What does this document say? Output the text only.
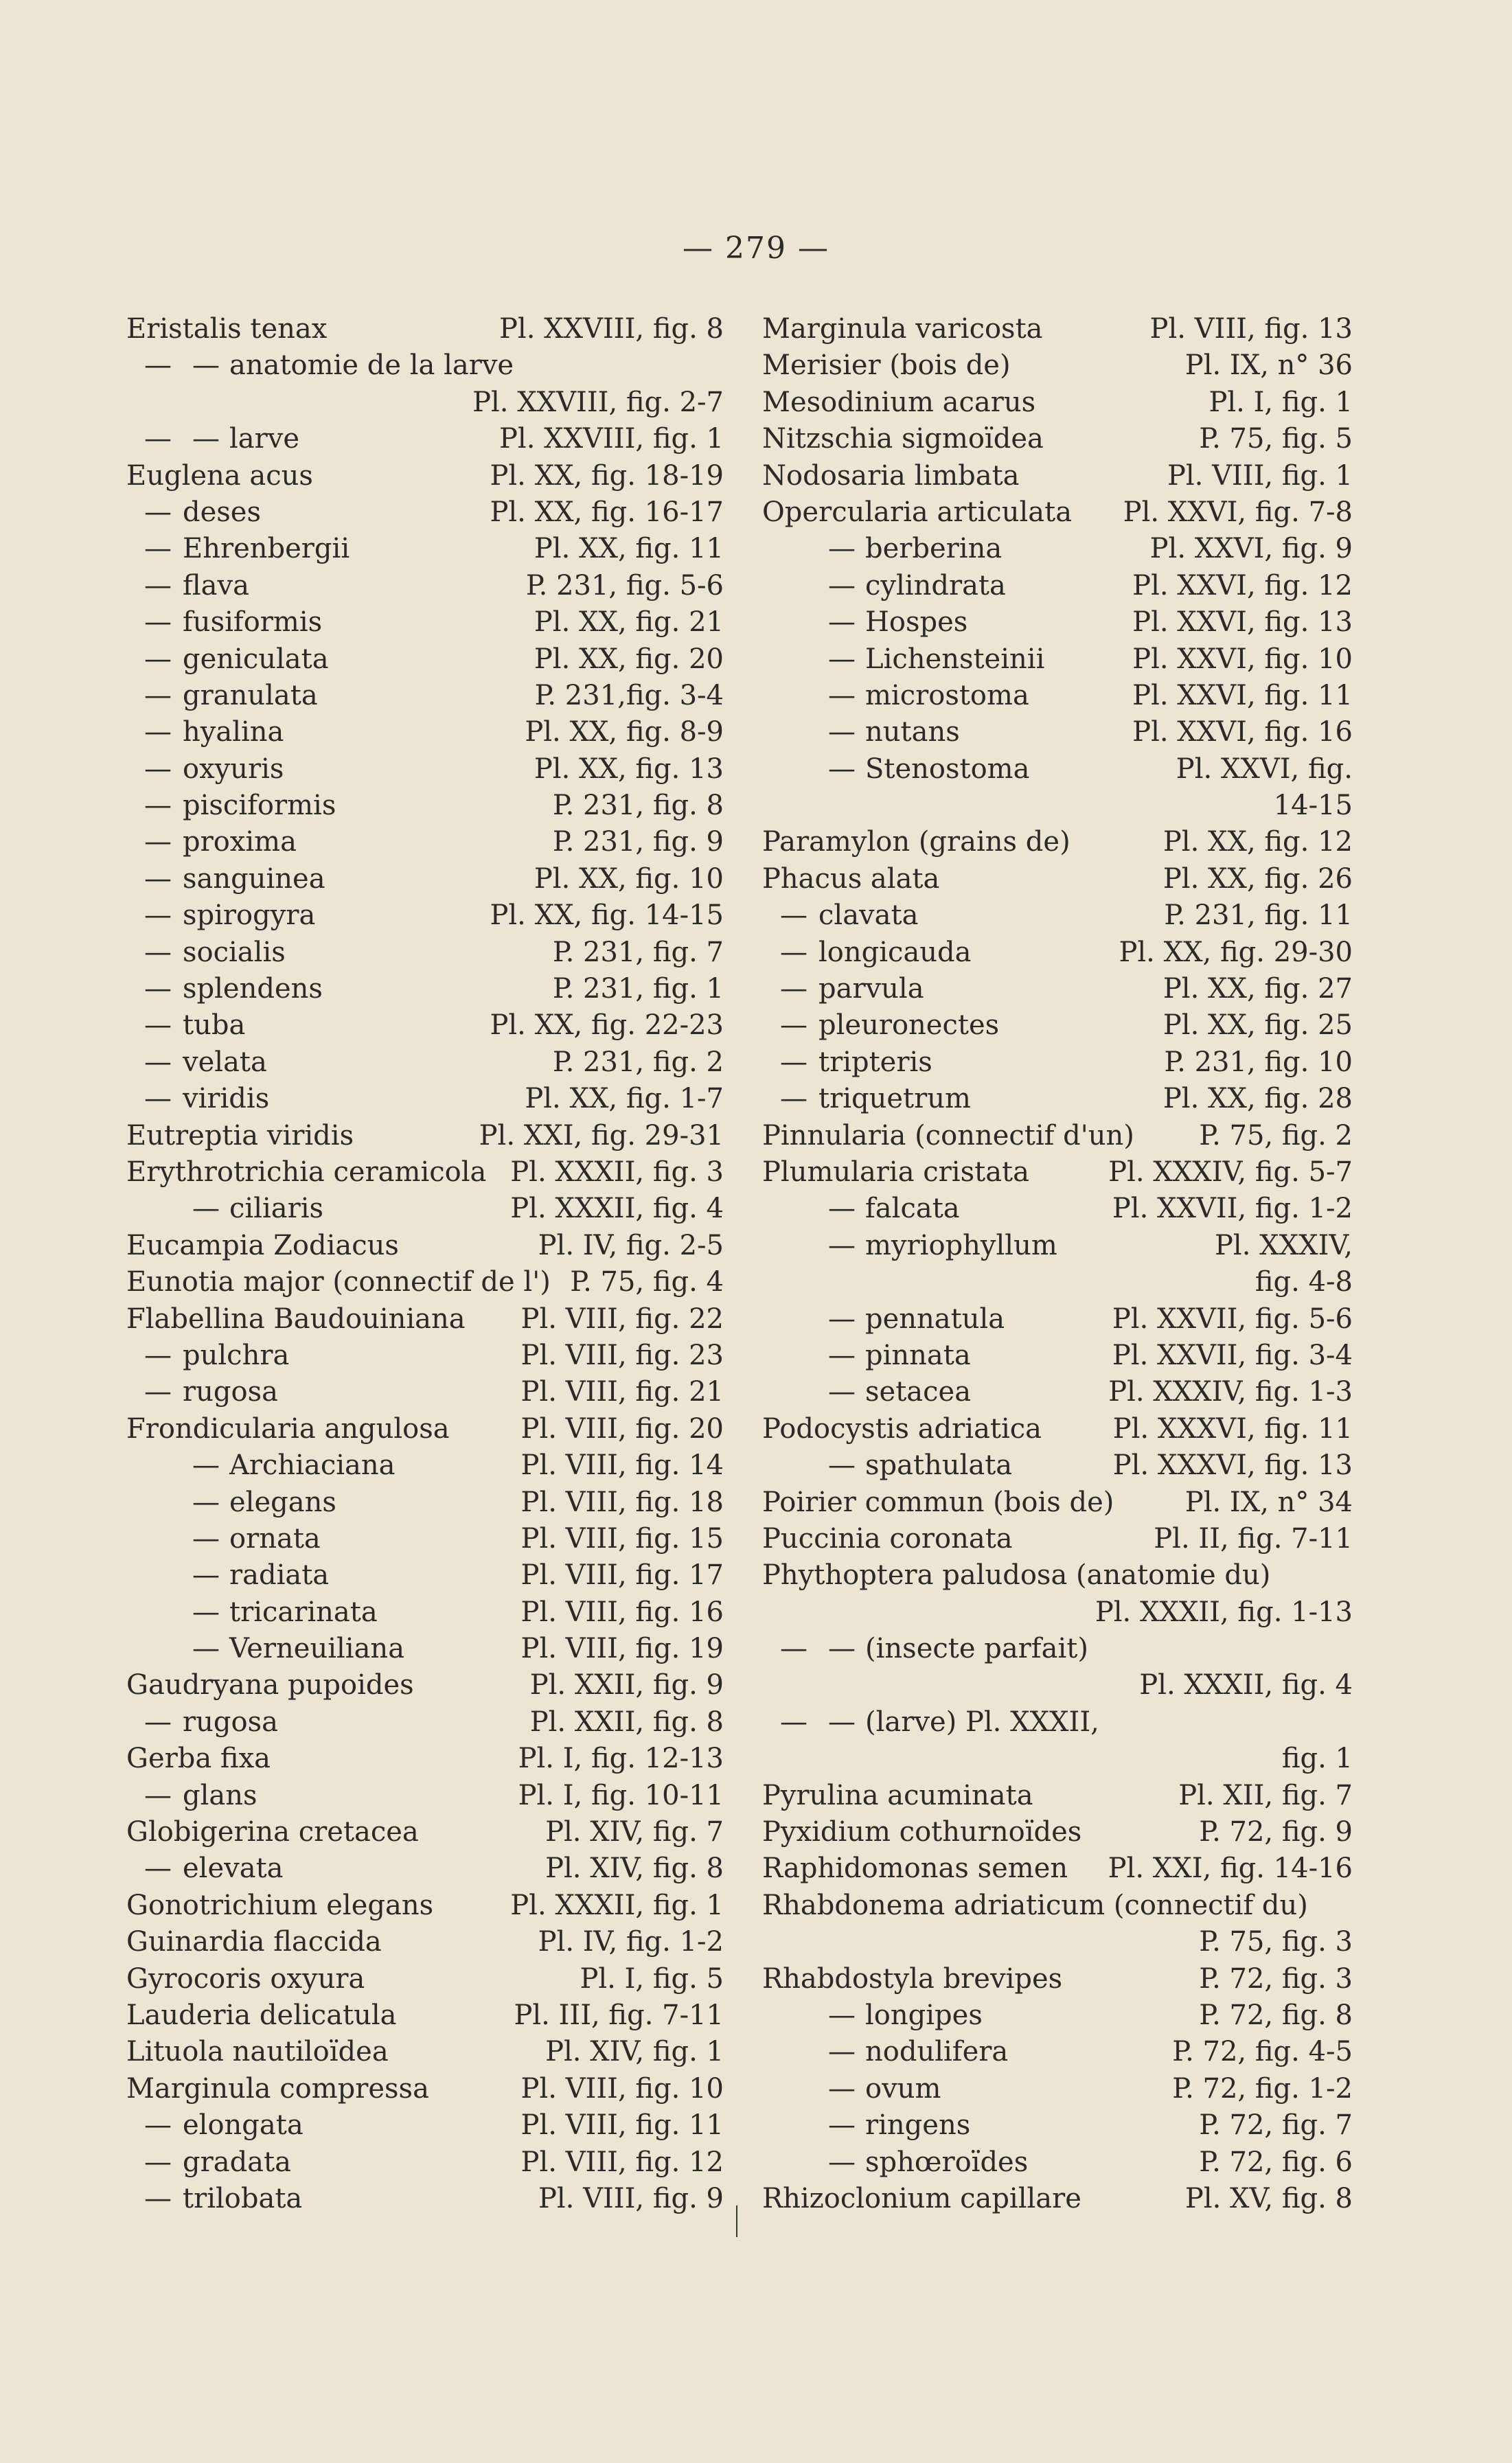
— 279 —
Eristalis tenax	Pl. XXVIII, fig. 8
— — anatomie de la larve
Pl. XXVIII, fig. 2-7
— — larve	Pl. XXVIII, fig. 1
Euglena acus	Pl. XX, fig. 18-19
— deses	Pl. XX, fig. 16-17
— Ehrenbergii	Pl. XX, fig. 11
— flava	P. 231, fig. 5-6
— fusiformis	Pl. XX, fig. 21
— geniculata	Pl. XX, fig. 20
— granulata	P. 231,fig. 3-4
— hyalina	Pl. XX, fig. 8-9
— oxyuris	Pl. XX, fig. 13
— pisciformis	P. 231, fig. 8
— proxima	P. 231, fig. 9
— sanguinea	Pl. XX, fig. 10
— spirogyra	Pl. XX, fig. 14-15
— socialis	P. 231, fig. 7
— splendens	P. 231, fig. 1
— tuba	Pl. XX, fig. 22-23
— velata	P. 231, fig. 2
— viridis	Pl. XX, fig. 1-7
Eutreptia viridis	Pl. XXI, fig. 29-31
Erythrotrichia ceramicola Pl. XXXII, fig. 3
— ciliaris	Pl. XXXII, fig. 4
Eucampia Zodiacus	Pl. IV, fig. 2-5
Eunotia major (connectif de l') P. 75, fig. 4
Flabellina Baudouiniana Pl. VIII, fig. 22
— pulchra	Pl. VIII, fig. 23
— rugosa	Pl. VIII, fig. 21
Frondicularia angulosa	Pl. VIII, fig. 20
— Archiaciana	Pl. VIII, fig. 14
— elegans	Pl. VIII, fig. 18
— ornata	Pl. VIII, fig. 15
— radiata	Pl. VIII, fig. 17
— tricarinata	Pl. VIII, fig. 16
— Verneuiliana	Pl. VIII, fig. 19
Gaudryana pupoides	Pl. XXII, fig. 9
— rugosa	Pl. XXII, fig. 8
Gerba fixa	Pl. I, fig. 12-13
— glans	Pl. I, fig. 10-11
Globigerina cretacea	Pl. XIV, fig. 7
— elevata	Pl. XIV, fig. 8
Gonotrichium elegans	Pl. XXXII, fig. 1
Guinardia flaccida	Pl. IV, fig. 1-2
Gyrocoris oxyura	Pl. I, fig. 5
Lauderia delicatula	Pl. III, fig. 7-11
Lituola nautiloïdea	Pl. XIV, fig. 1
Marginula compressa	Pl. VIII, fig. 10
— elongata	Pl. VIII, fig. 11
— gradata	Pl. VIII, fig. 12
— trilobata	Pl. VIII, fig. 9
Marginula varicosta	Pl. VIII, fig. 13
Merisier (bois de)	Pl. IX, n° 36
Mesodinium acarus	Pl. I, fig. 1
Nitzschia sigmoïdea	P. 75, fig. 5
Nodosaria limbata	Pl. VIII, fig. 1
Opercularia articulata Pl. XXVI, fig. 7-8
— berberina	Pl. XXVI, fig. 9
— cylindrata	Pl. XXVI, fig. 12
— Hospes	Pl. XXVI, fig. 13
— Lichensteinii	Pl. XXVI, fig. 10
— microstoma	Pl. XXVI, fig. 11
— nutans	Pl. XXVI, fig. 16
— Stenostoma	Pl. XXVI, fig.
14-15
Paramylon (grains de)	Pl. XX, fig. 12
Phacus alata	Pl. XX, fig. 26
— clavata	P. 231, fig. 11
— longicauda	Pl. XX, fig. 29-30
— parvula	Pl. XX, fig. 27
— pleuronectes	Pl. XX, fig. 25
— tripteris	P. 231, fig. 10
— triquetrum	Pl. XX, fig. 28
Pinnularia (connectif d'un) P. 75, fig. 2
Plumularia cristata	Pl. XXXIV, fig. 5-7
— falcata	Pl. XXVII, fig. 1-2
— myriophyllum	Pl. XXXIV,
fig. 4-8
— pennatula	Pl. XXVII, fig. 5-6
— pinnata	Pl. XXVII, fig. 3-4
— setacea	Pl. XXXIV, fig. 1-3
Podocystis adriatica	Pl. XXXVI, fig. 11
— spathulata	Pl. XXXVI, fig. 13
Poirier commun (bois de)	Pl. IX, n° 34
Puccinia coronata	Pl. II, fig. 7-11
Phythoptera paludosa (anatomie du)
Pl. XXXII, fig. 1-13
— — (insecte parfait)
Pl. XXXII, fig. 4
— — (larve) Pl. XXXII,
fig. 1
Pyrulina acuminata	Pl. XII, fig. 7
Pyxidium cothurnoïdes	P. 72, fig. 9
Raphidomonas semen Pl. XXI, fig. 14-16
Rhabdonema adriaticum (connectif du)
P. 75, fig. 3
Rhabdostyla brevipes	P. 72, fig. 3
— longipes	P. 72, fig. 8
— nodulifera	P. 72, fig. 4-5
— ovum	P. 72, fig. 1-2
— ringens	P. 72, fig. 7
— sphœroïdes	P. 72, fig. 6
Rhizoclonium capillare	Pl. XV, fig. 8
